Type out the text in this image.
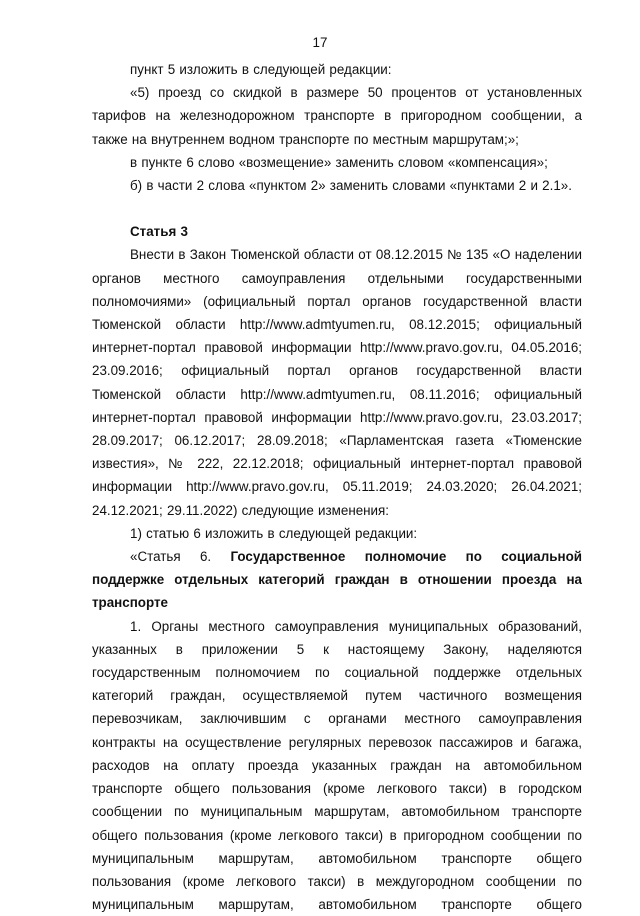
17

пункт 5 изложить в следующей редакции:

«5) проезд со скидкой в размере 50 процентов от установленных тарифов на железнодорожном транспорте в пригородном сообщении, а также на внутреннем водном транспорте по местным маршрутам;»;

в пункте 6 слово «возмещение» заменить словом «компенсация»;

б) в части 2 слова «пунктом 2» заменить словами «пунктами 2 и 2.1».

Статья 3

Внести в Закон Тюменской области от 08.12.2015 № 135 «О наделении органов местного самоуправления отдельными государственными полномочиями» (официальный портал органов государственной власти Тюменской области http://www.admtyumen.ru, 08.12.2015; официальный интернет-портал правовой информации http://www.pravo.gov.ru, 04.05.2016; 23.09.2016; официальный портал органов государственной власти Тюменской области http://www.admtyumen.ru, 08.11.2016; официальный интернет-портал правовой информации http://www.pravo.gov.ru, 23.03.2017; 28.09.2017; 06.12.2017; 28.09.2018; «Парламентская газета «Тюменские известия», № 222, 22.12.2018; официальный интернет-портал правовой информации http://www.pravo.gov.ru, 05.11.2019; 24.03.2020; 26.04.2021; 24.12.2021; 29.11.2022) следующие изменения:

1) статью 6 изложить в следующей редакции:

«Статья 6. Государственное полномочие по социальной поддержке отдельных категорий граждан в отношении проезда на транспорте

1. Органы местного самоуправления муниципальных образований, указанных в приложении 5 к настоящему Закону, наделяются государственным полномочием по социальной поддержке отдельных категорий граждан, осуществляемой путем частичного возмещения перевозчикам, заключившим с органами местного самоуправления контракты на осуществление регулярных перевозок пассажиров и багажа, расходов на оплату проезда указанных граждан на автомобильном транспорте общего пользования (кроме легкового такси) в городском сообщении по муниципальным маршрутам, автомобильном транспорте общего пользования (кроме легкового такси) в пригородном сообщении по муниципальным маршрутам, автомобильном транспорте общего пользования (кроме легкового такси) в междугородном сообщении по муниципальным маршрутам, автомобильном транспорте общего
